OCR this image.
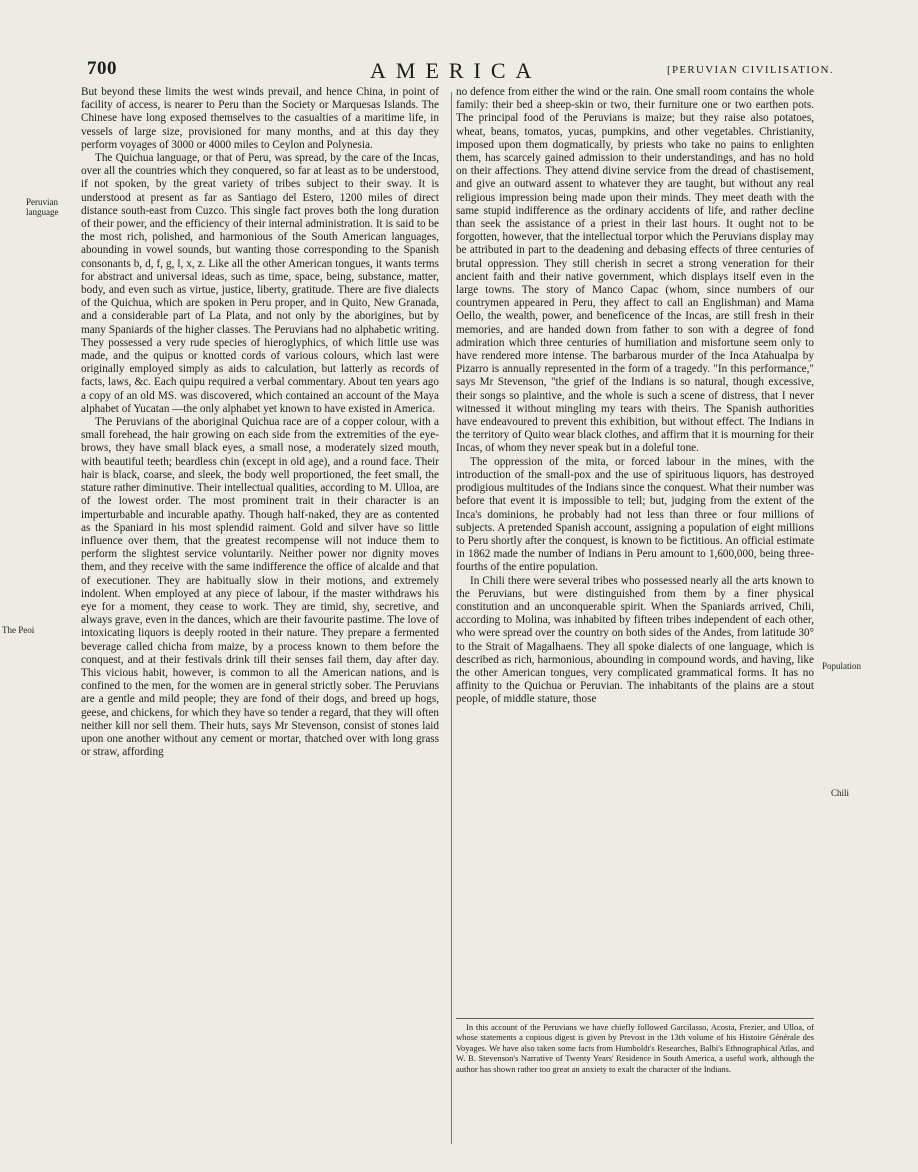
700	AMERICA	[PERUVIAN CIVILISATION.
Peruvian language
The Peoi
Population
Chili

But beyond these limits the west winds prevail, and hence China, in point of facility of access, is nearer to Peru than the Society or Marquesas Islands. The Chinese have long exposed themselves to the casualties of a maritime life, in vessels of large size, provisioned for many months, and at this day they perform voyages of 3000 or 4000 miles to Ceylon and Polynesia.

The Quichua language, or that of Peru, was spread, by the care of the Incas, over all the countries which they conquered, so far at least as to be understood, if not spoken, by the great variety of tribes subject to their sway. It is understood at present as far as Santiago del Estero, 1200 miles of direct distance south-east from Cuzco. This single fact proves both the long duration of their power, and the efficiency of their internal administration. It is said to be the most rich, polished, and harmonious of the South American languages, abounding in vowel sounds, but wanting those corresponding to the Spanish consonants b, d, f, g, l, x, z. Like all the other American tongues, it wants terms for abstract and universal ideas, such as time, space, being, substance, matter, body, and even such as virtue, justice, liberty, gratitude. There are five dialects of the Quichua, which are spoken in Peru proper, and in Quito, New Granada, and a considerable part of La Plata, and not only by the aborigines, but by many Spaniards of the higher classes. The Peruvians had no alphabetic writing. They possessed a very rude species of hieroglyphics, of which little use was made, and the quipus or knotted cords of various colours, which last were originally employed simply as aids to calculation, but latterly as records of facts, laws, &c. Each quipu required a verbal commentary. About ten years ago a copy of an old MS. was discovered, which contained an account of the Maya alphabet of Yucatan —the only alphabet yet known to have existed in America.

The Peruvians of the aboriginal Quichua race are of a copper colour, with a small forehead, the hair growing on each side from the extremities of the eye-brows, they have small black eyes, a small nose, a moderately sized mouth, with beautiful teeth; beardless chin (except in old age), and a round face. Their hair is black, coarse, and sleek, the body well proportioned, the feet small, the stature rather diminutive. Their intellectual qualities, according to M. Ulloa, are of the lowest order. The most prominent trait in their character is an imperturbable and incurable apathy. Though half-naked, they are as contented as the Spaniard in his most splendid raiment. Gold and silver have so little influence over them, that the greatest recompense will not induce them to perform the slightest service voluntarily. Neither power nor dignity moves them, and they receive with the same indifference the office of alcalde and that of executioner. They are habitually slow in their motions, and extremely indolent. When employed at any piece of labour, if the master withdraws his eye for a moment, they cease to work. They are timid, shy, secretive, and always grave, even in the dances, which are their favourite pastime. The love of intoxicating liquors is deeply rooted in their nature. They prepare a fermented beverage called chicha from maize, by a process known to them before the conquest, and at their festivals drink till their senses fail them, day after day. This vicious habit, however, is common to all the American nations, and is confined to the men, for the women are in general strictly sober. The Peruvians are a gentle and mild people; they are fond of their dogs, and breed up hogs, geese, and chickens, for which they have so tender a regard, that they will often neither kill nor sell them. Their huts, says Mr Stevenson, consist of stones laid upon one another without any cement or mortar, thatched over with long grass or straw, affording

no defence from either the wind or the rain. One small room contains the whole family: their bed a sheep-skin or two, their furniture one or two earthen pots. The principal food of the Peruvians is maize; but they raise also potatoes, wheat, beans, tomatos, yucas, pumpkins, and other vegetables. Christianity, imposed upon them dogmatically, by priests who take no pains to enlighten them, has scarcely gained admission to their understandings, and has no hold on their affections. They attend divine service from the dread of chastisement, and give an outward assent to whatever they are taught, but without any real religious impression being made upon their minds. They meet death with the same stupid indifference as the ordinary accidents of life, and rather decline than seek the assistance of a priest in their last hours. It ought not to be forgotten, however, that the intellectual torpor which the Peruvians display may be attributed in part to the deadening and debasing effects of three centuries of brutal oppression. They still cherish in secret a strong veneration for their ancient faith and their native government, which displays itself even in the large towns. The story of Manco Capac (whom, since numbers of our countrymen appeared in Peru, they affect to call an Englishman) and Mama Oello, the wealth, power, and beneficence of the Incas, are still fresh in their memories, and are handed down from father to son with a degree of fond admiration which three centuries of humiliation and misfortune seem only to have rendered more intense. The barbarous murder of the Inca Atahualpa by Pizarro is annually represented in the form of a tragedy. "In this performance," says Mr Stevenson, "the grief of the Indians is so natural, though excessive, their songs so plaintive, and the whole is such a scene of distress, that I never witnessed it without mingling my tears with theirs. The Spanish authorities have endeavoured to prevent this exhibition, but without effect. The Indians in the territory of Quito wear black clothes, and affirm that it is mourning for their Incas, of whom they never speak but in a doleful tone.

The oppression of the mita, or forced labour in the mines, with the introduction of the small-pox and the use of spirituous liquors, has destroyed prodigious multitudes of the Indians since the conquest. What their number was before that event it is impossible to tell; but, judging from the extent of the Inca's dominions, he probably had not less than three or four millions of subjects. A pretended Spanish account, assigning a population of eight millions to Peru shortly after the conquest, is known to be fictitious. An official estimate in 1862 made the number of Indians in Peru amount to 1,600,000, being three-fourths of the entire population.

In Chili there were several tribes who possessed nearly all the arts known to the Peruvians, but were distinguished from them by a finer physical constitution and an unconquerable spirit. When the Spaniards arrived, Chili, according to Molina, was inhabited by fifteen tribes independent of each other, who were spread over the country on both sides of the Andes, from latitude 30° to the Strait of Magalhaens. They all spoke dialects of one language, which is described as rich, harmonious, abounding in compound words, and having, like the other American tongues, very complicated grammatical forms. It has no affinity to the Quichua or Peruvian. The inhabitants of the plains are a stout people, of middle stature, those

In this account of the Peruvians we have chiefly followed Garcilasso, Acosta, Frezier, and Ulloa, of whose statements a copious digest is given by Prevost in the 13th volume of his Histoire Générale des Voyages. We have also taken some facts from Humboldt's Researches, Balbi's Ethnographical Atlas, and W. B. Stevenson's Narrative of Twenty Years' Residence in South America, a useful work, although the author has shown rather too great an anxiety to exalt the character of the Indians.
